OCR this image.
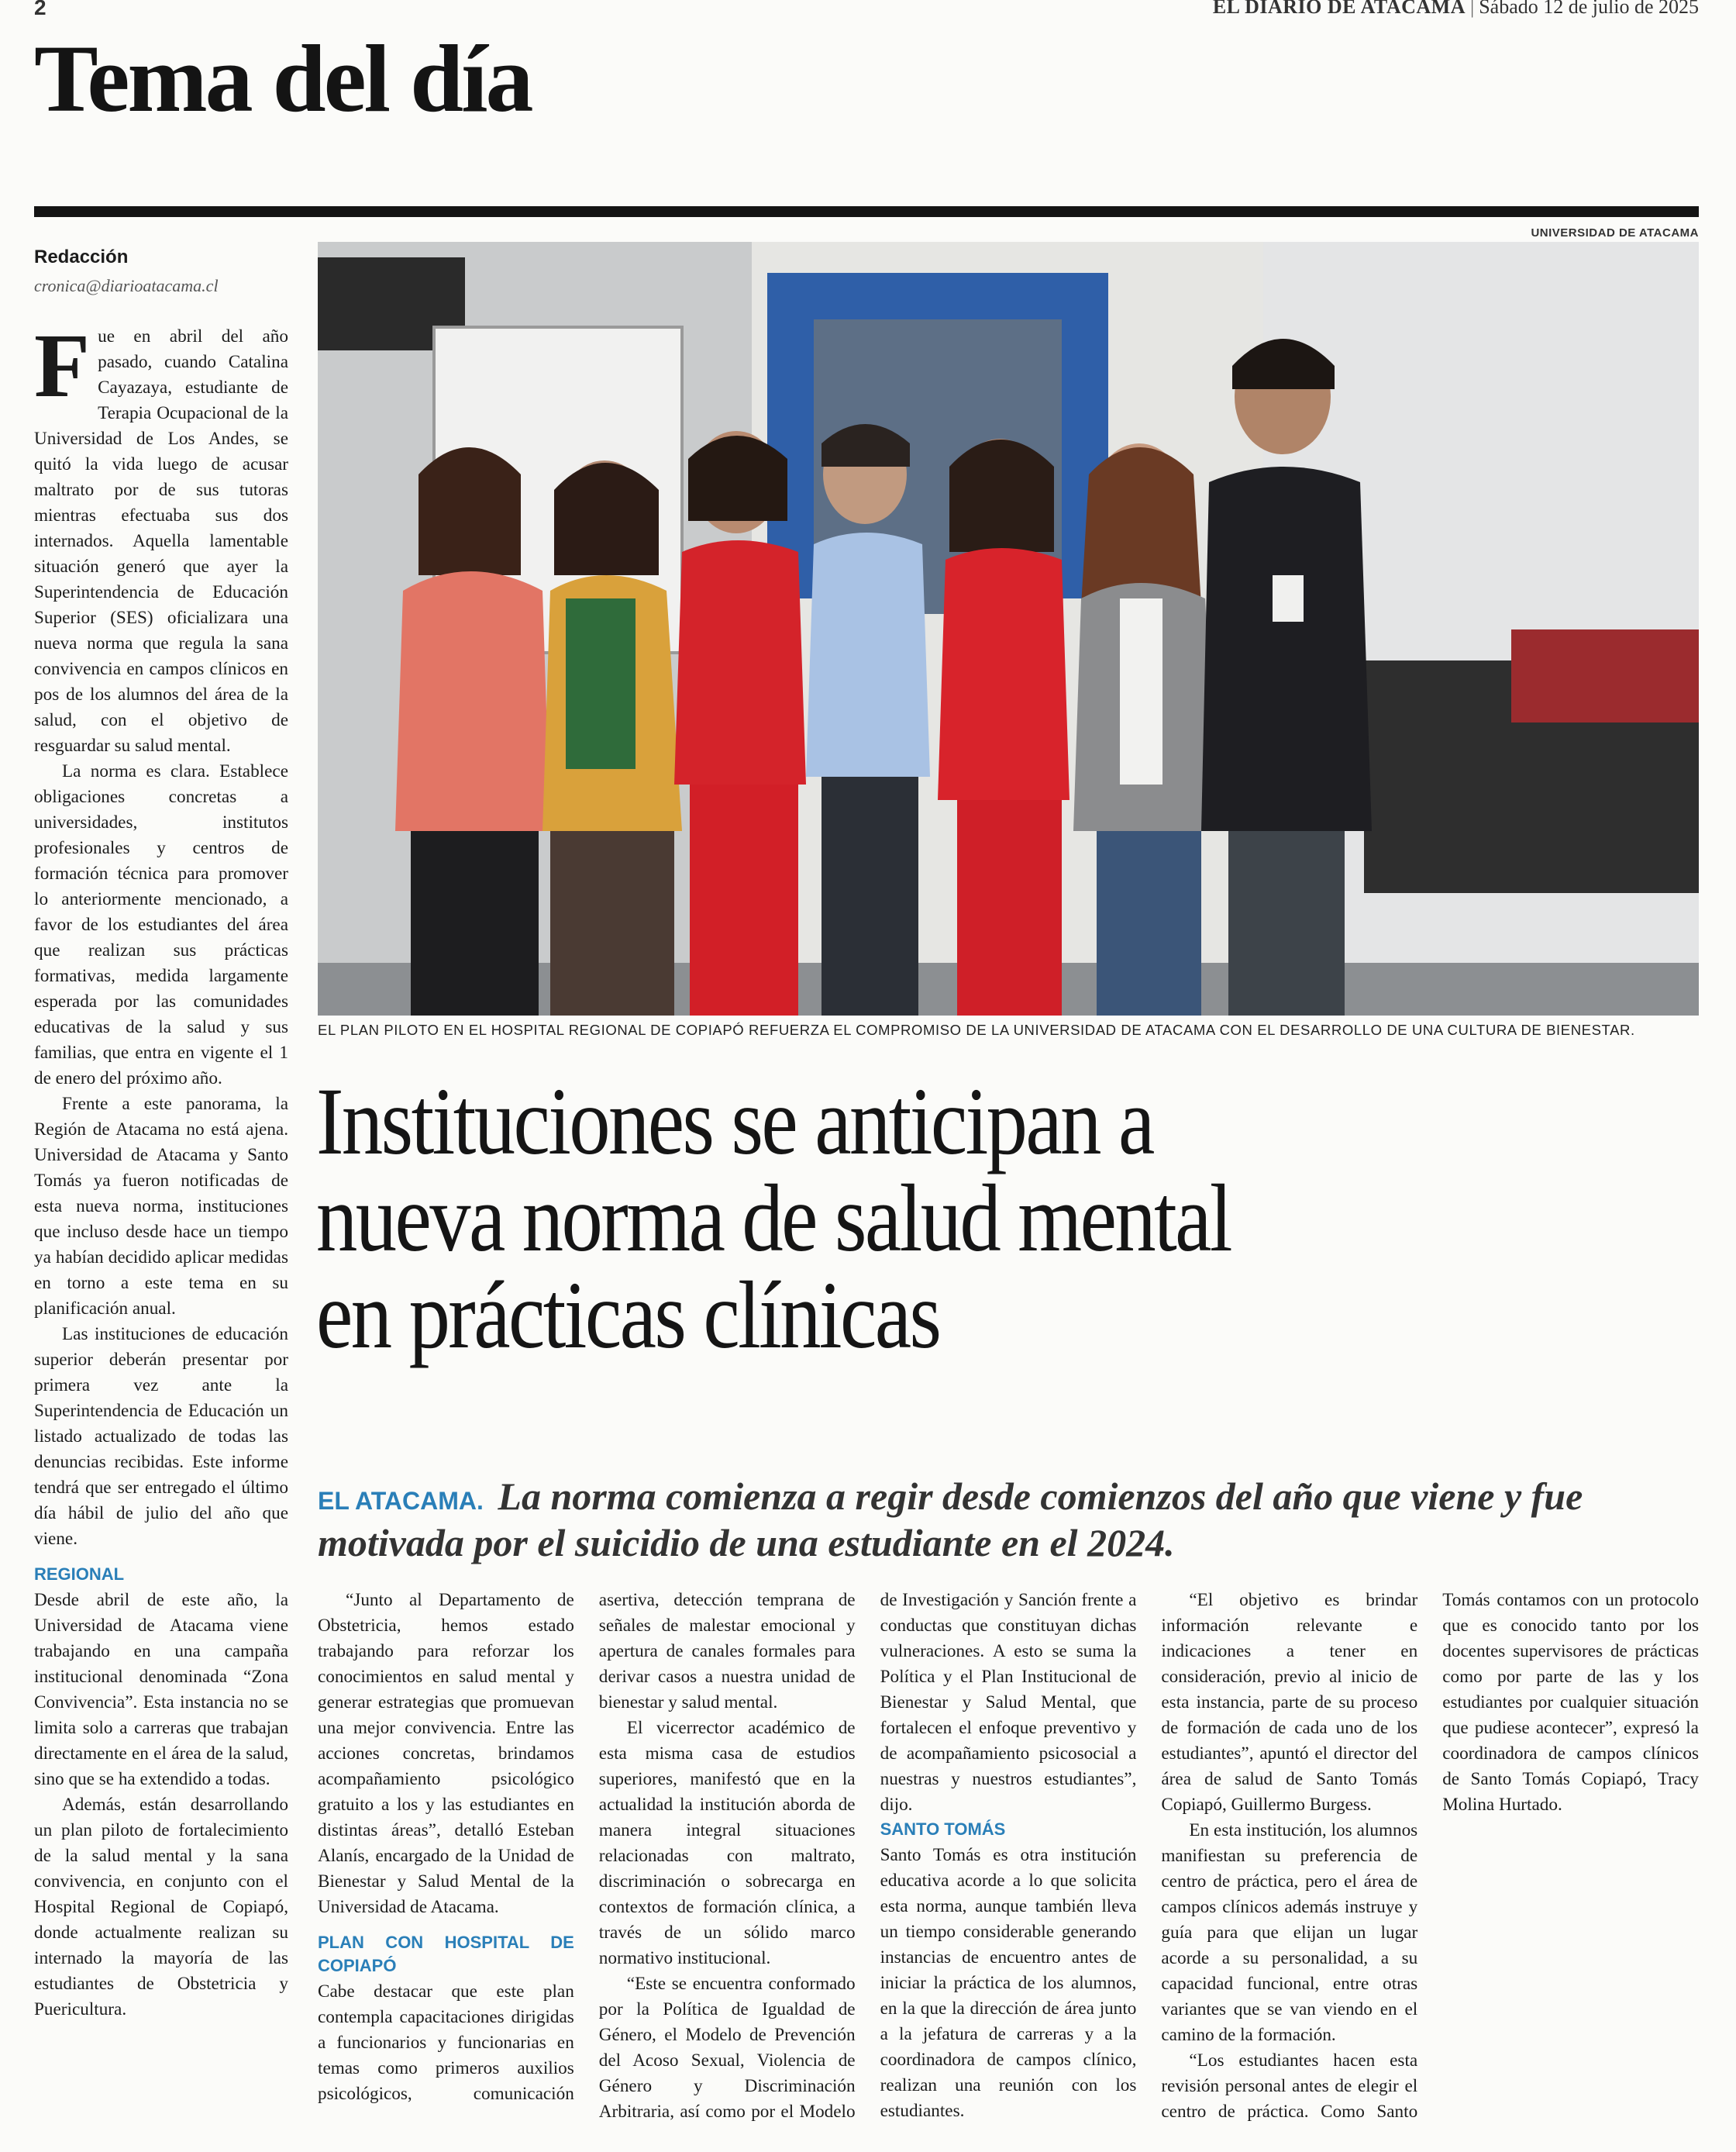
2	EL DIARIO DE ATACAMA | Sábado 12 de julio de 2025
Tema del día
Redacción
cronica@diarioatacama.cl

Fue en abril del año pasado, cuando Catalina Cayazaya, estudiante de Terapia Ocupacional de la Universidad de Los Andes, se quitó la vida luego de acusar maltrato por de sus tutoras mientras efectuaba sus dos internados. Aquella lamentable situación generó que ayer la Superintendencia de Educación Superior (SES) oficializara una nueva norma que regula la sana convivencia en campos clínicos en pos de los alumnos del área de la salud, con el objetivo de resguardar su salud mental.

La norma es clara. Establece obligaciones concretas a universidades, institutos profesionales y centros de formación técnica para promover lo anteriormente mencionado, a favor de los estudiantes del área que realizan sus prácticas formativas, medida largamente esperada por las comunidades educativas de la salud y sus familias, que entra en vigente el 1 de enero del próximo año.

Frente a este panorama, la Región de Atacama no está ajena. Universidad de Atacama y Santo Tomás ya fueron notificadas de esta nueva norma, instituciones que incluso desde hace un tiempo ya habían decidido aplicar medidas en torno a este tema en su planificación anual.

Las instituciones de educación superior deberán presentar por primera vez ante la Superintendencia de Educación un listado actualizado de todas las denuncias recibidas. Este informe tendrá que ser entregado el último día hábil de julio del año que viene.

REGIONAL

Desde abril de este año, la Universidad de Atacama viene trabajando en una campaña institucional denominada “Zona Convivencia”. Esta instancia no se limita solo a carreras que trabajan directamente en el área de la salud, sino que se ha extendido a todas.

Además, están desarrollando un plan piloto de fortalecimiento de la salud mental y la sana convivencia, en conjunto con el Hospital Regional de Copiapó, donde actualmente realizan su internado la mayoría de las estudiantes de Obstetricia y Puericultura.

UNIVERSIDAD DE ATACAMA
EL PLAN PILOTO EN EL HOSPITAL REGIONAL DE COPIAPÓ REFUERZA EL COMPROMISO DE LA UNIVERSIDAD DE ATACAMA CON EL DESARROLLO DE UNA CULTURA DE BIENESTAR.
Instituciones se anticipan a
nueva norma de salud mental
en prácticas clínicas
EL ATACAMA. La norma comienza a regir desde comienzos del año que viene y fue motivada por el suicidio de una estudiante en el 2024.

“Junto al Departamento de Obstetricia, hemos estado trabajando para reforzar los conocimientos en salud mental y generar estrategias que promuevan una mejor convivencia. Entre las acciones concretas, brindamos acompañamiento psicológico gratuito a los y las estudiantes en distintas áreas”, detalló Esteban Alanís, encargado de la Unidad de Bienestar y Salud Mental de la Universidad de Atacama.

PLAN CON HOSPITAL DE COPIAPÓ

Cabe destacar que este plan contempla capacitaciones dirigidas a funcionarios y funcionarias en temas como primeros auxilios psicológicos, comunicación asertiva, detección temprana de señales de malestar emocional y apertura de canales formales para derivar casos a nuestra unidad de bienestar y salud mental.

El vicerrector académico de esta misma casa de estudios superiores, manifestó que en la actualidad la institución aborda de manera integral situaciones relacionadas con maltrato, discriminación o sobrecarga en contextos de formación clínica, a través de un sólido marco normativo institucional.

“Este se encuentra conformado por la Política de Igualdad de Género, el Modelo de Prevención del Acoso Sexual, Violencia de Género y Discriminación Arbitraria, así como por el Modelo de Investigación y Sanción frente a conductas que constituyan dichas vulneraciones. A esto se suma la Política y el Plan Institucional de Bienestar y Salud Mental, que fortalecen el enfoque preventivo y de acompañamiento psicosocial a nuestras y nuestros estudiantes”, dijo.

SANTO TOMÁS

Santo Tomás es otra institución educativa acorde a lo que solicita esta norma, aunque también lleva un tiempo considerable generando instancias de encuentro antes de iniciar la práctica de los alumnos, en la que la dirección de área junto a la jefatura de carreras y a la coordinadora de campos clínico, realizan una reunión con los estudiantes.

“El objetivo es brindar información relevante e indicaciones a tener en consideración, previo al inicio de esta instancia, parte de su proceso de formación de cada uno de los estudiantes”, apuntó el director del área de salud de Santo Tomás Copiapó, Guillermo Burgess.

En esta institución, los alumnos manifiestan su preferencia de centro de práctica, pero el área de campos clínicos además instruye y guía para que elijan un lugar acorde a su personalidad, a su capacidad funcional, entre otras variantes que se van viendo en el camino de la formación.

“Los estudiantes hacen esta revisión personal antes de elegir el centro de práctica. Como Santo Tomás contamos con un protocolo que es conocido tanto por los docentes supervisores de prácticas como por parte de las y los estudiantes por cualquier situación que pudiese acontecer”, expresó la coordinadora de campos clínicos de Santo Tomás Copiapó, Tracy Molina Hurtado.
